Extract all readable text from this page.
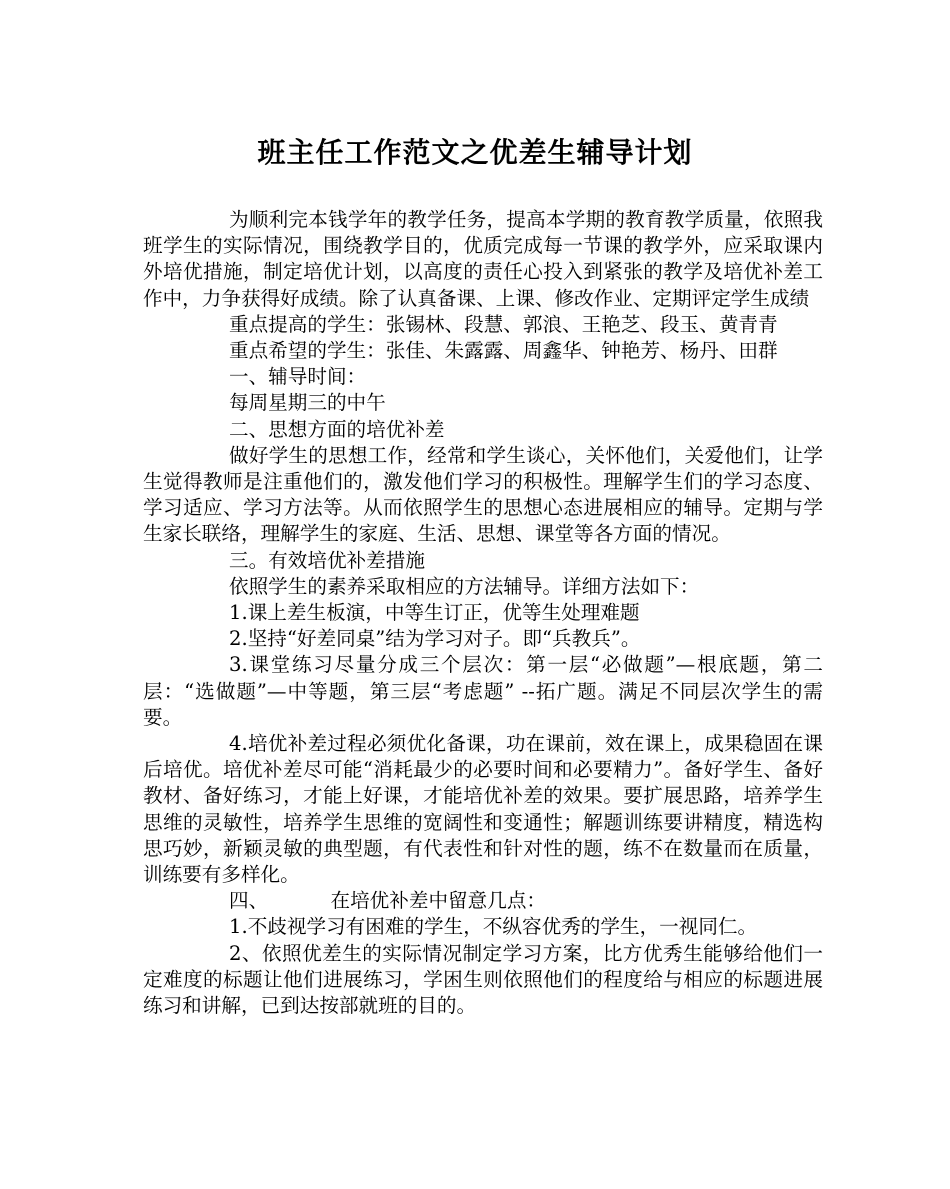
班主任工作范文之优差生辅导计划

为顺利完本钱学年的教学任务，提高本学期的教育教学质量，依照我班学生的实际情况，围绕教学目的，优质完成每一节课的教学外，应采取课内外培优措施，制定培优计划，以高度的责任心投入到紧张的教学及培优补差工作中，力争获得好成绩。除了认真备课、上课、修改作业、定期评定学生成绩

重点提高的学生：张锡林、段慧、郭浪、王艳芝、段玉、黄青青

重点希望的学生：张佳、朱露露、周鑫华、钟艳芳、杨丹、田群

一、辅导时间：

每周星期三的中午

二、思想方面的培优补差

做好学生的思想工作，经常和学生谈心，关怀他们，关爱他们，让学生觉得教师是注重他们的，激发他们学习的积极性。理解学生们的学习态度、学习适应、学习方法等。从而依照学生的思想心态进展相应的辅导。定期与学生家长联络，理解学生的家庭、生活、思想、课堂等各方面的情况。

三。有效培优补差措施

依照学生的素养采取相应的方法辅导。详细方法如下：

1.课上差生板演，中等生订正，优等生处理难题

2.坚持“好差同桌”结为学习对子。即“兵教兵”。

3.课堂练习尽量分成三个层次：第一层“必做题”—根底题，第二层：“选做题”—中等题，第三层“考虑题” --拓广题。满足不同层次学生的需要。

4.培优补差过程必须优化备课，功在课前，效在课上，成果稳固在课后培优。培优补差尽可能“消耗最少的必要时间和必要精力”。备好学生、备好教材、备好练习，才能上好课，才能培优补差的效果。要扩展思路，培养学生思维的灵敏性，培养学生思维的宽阔性和变通性；解题训练要讲精度，精选构思巧妙，新颖灵敏的典型题，有代表性和针对性的题，练不在数量而在质量，训练要有多样化。

四、          在培优补差中留意几点：

1.不歧视学习有困难的学生，不纵容优秀的学生，一视同仁。

2、依照优差生的实际情况制定学习方案，比方优秀生能够给他们一定难度的标题让他们进展练习，学困生则依照他们的程度给与相应的标题进展练习和讲解，已到达按部就班的目的。
